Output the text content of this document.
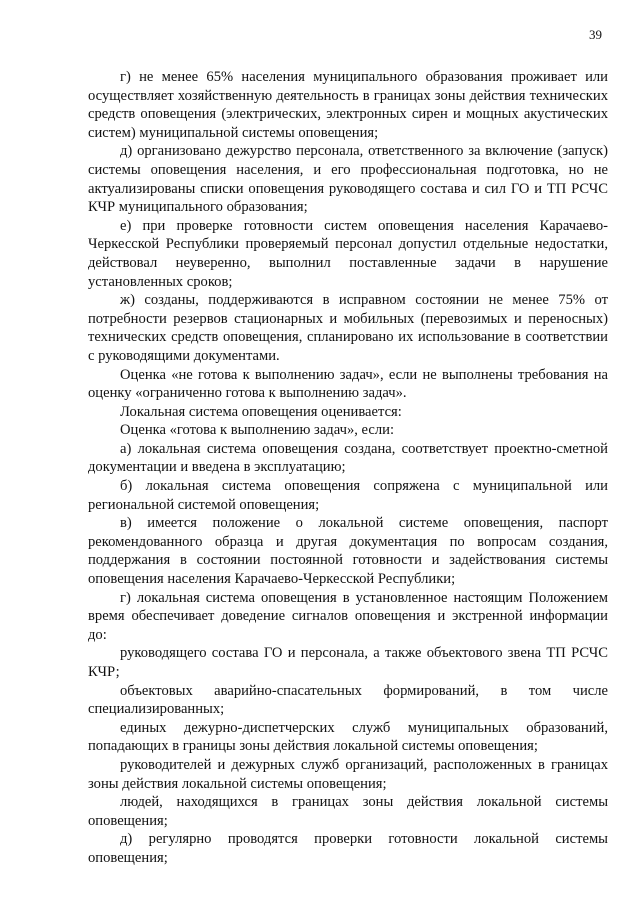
39

г) не менее 65% населения муниципального образования проживает или осуществляет хозяйственную деятельность в границах зоны действия технических средств оповещения (электрических, электронных сирен и мощных акустических систем) муниципальной системы оповещения;

д) организовано дежурство персонала, ответственного за включение (запуск) системы оповещения населения, и его профессиональная подготовка, но не актуализированы списки оповещения руководящего состава и сил ГО и ТП РСЧС КЧР муниципального образования;

е) при проверке готовности систем оповещения населения Карачаево-Черкесской Республики проверяемый персонал допустил отдельные недостатки, действовал неуверенно, выполнил поставленные задачи в нарушение установленных сроков;

ж) созданы, поддерживаются в исправном состоянии не менее 75% от потребности резервов стационарных и мобильных (перевозимых и переносных) технических средств оповещения, спланировано их использование в соответствии с руководящими документами.

Оценка «не готова к выполнению задач», если не выполнены требования на оценку «ограниченно готова к выполнению задач».

Локальная система оповещения оценивается:

Оценка «готова к выполнению задач», если:

а) локальная система оповещения создана, соответствует проектно-сметной документации и введена в эксплуатацию;

б) локальная система оповещения сопряжена с муниципальной или региональной системой оповещения;

в) имеется положение о локальной системе оповещения, паспорт рекомендованного образца и другая документация по вопросам создания, поддержания в состоянии постоянной готовности и задействования системы оповещения населения Карачаево-Черкесской Республики;

г) локальная система оповещения в установленное настоящим Положением время обеспечивает доведение сигналов оповещения и экстренной информации до:

руководящего состава ГО и персонала, а также объектового звена ТП РСЧС КЧР;

объектовых аварийно-спасательных формирований, в том числе специализированных;

единых дежурно-диспетчерских служб муниципальных образований, попадающих в границы зоны действия локальной системы оповещения;

руководителей и дежурных служб организаций, расположенных в границах зоны действия локальной системы оповещения;

людей, находящихся в границах зоны действия локальной системы оповещения;

д) регулярно проводятся проверки готовности локальной системы оповещения;
